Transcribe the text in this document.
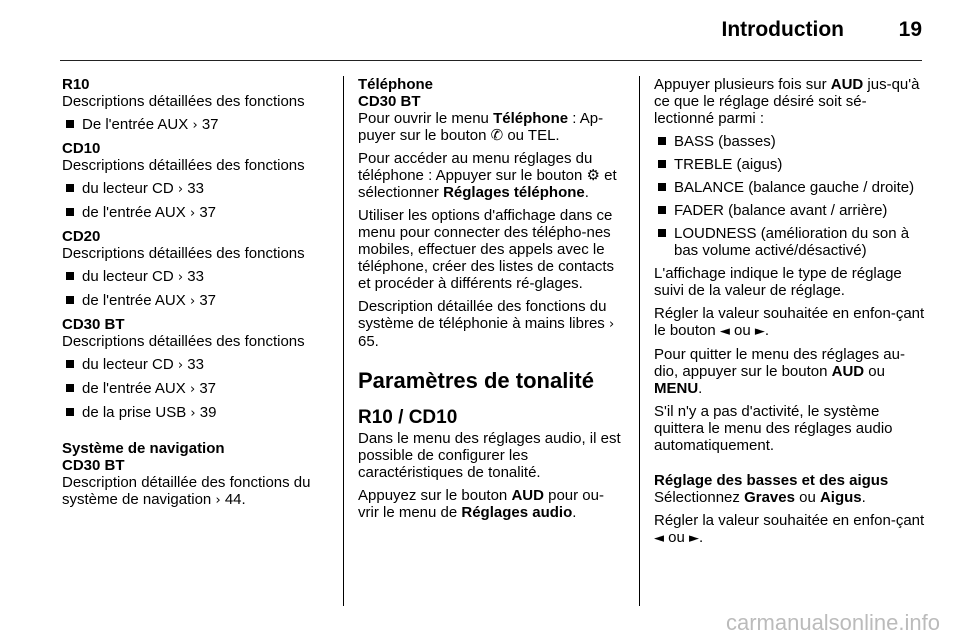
Introduction	19
R10

Descriptions détaillées des fonctions

De l'entrée AUX › 37
CD10

Descriptions détaillées des fonctions

du lecteur CD › 33
de l'entrée AUX › 37
CD20

Descriptions détaillées des fonctions

du lecteur CD › 33
de l'entrée AUX › 37
CD30 BT

Descriptions détaillées des fonctions

du lecteur CD › 33
de l'entrée AUX › 37
de la prise USB › 39
Système de navigation
CD30 BT

Description détaillée des fonctions du système de navigation › 44.

Téléphone
CD30 BT

Pour ouvrir le menu Téléphone : Ap-puyer sur le bouton ✆ ou TEL.

Pour accéder au menu réglages du téléphone : Appuyer sur le bouton ⚙ et sélectionner Réglages téléphone.

Utiliser les options d'affichage dans ce menu pour connecter des télépho-nes mobiles, effectuer des appels avec le téléphone, créer des listes de contacts et procéder à différents ré-glages.

Description détaillée des fonctions du système de téléphonie à mains libres › 65.

Paramètres de tonalité
R10 / CD10

Dans le menu des réglages audio, il est possible de configurer les caractéristiques de tonalité.

Appuyez sur le bouton AUD pour ou-vrir le menu de Réglages audio.

Appuyer plusieurs fois sur AUD jus-qu'à ce que le réglage désiré soit sé-lectionné parmi :

BASS (basses)
TREBLE (aigus)
BALANCE (balance gauche / droite)
FADER (balance avant / arrière)
LOUDNESS (amélioration du son à bas volume activé/désactivé)

L'affichage indique le type de réglage suivi de la valeur de réglage.

Régler la valeur souhaitée en enfon-çant le bouton ◄ ou ►.

Pour quitter le menu des réglages au-dio, appuyer sur le bouton AUD ou MENU.

S'il n'y a pas d'activité, le système quittera le menu des réglages audio automatiquement.

Réglage des basses et des aigus

Sélectionnez Graves ou Aigus.

Régler la valeur souhaitée en enfon-çant ◄ ou ►.

carmanualsonline.info
